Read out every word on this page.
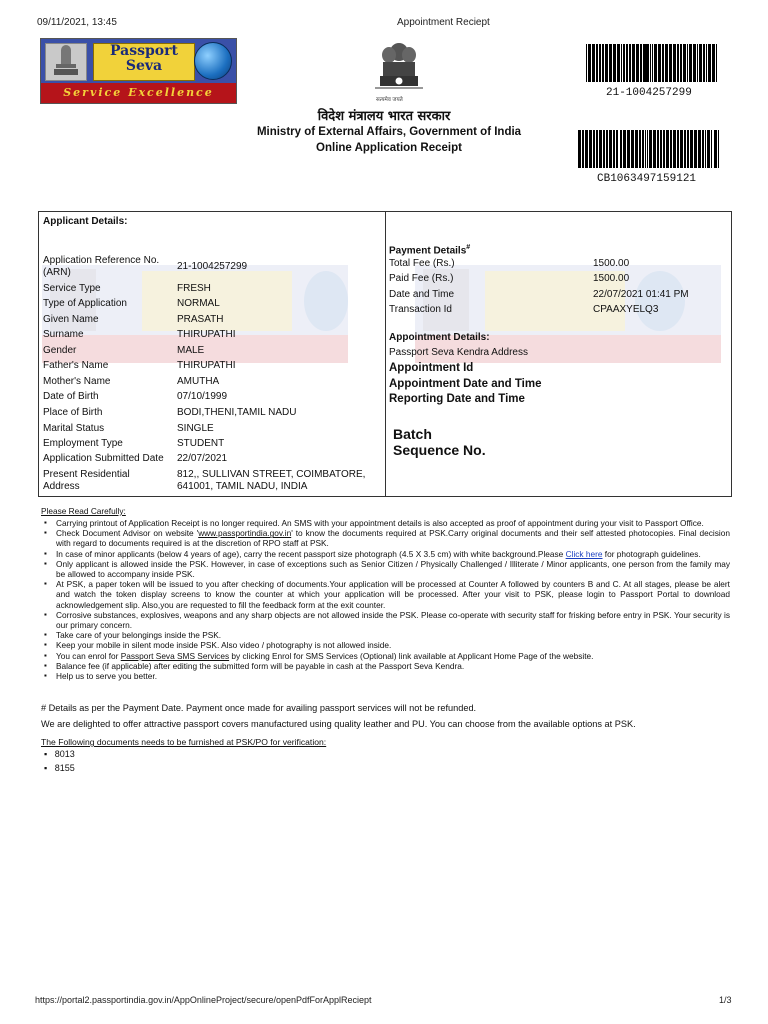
09/11/2021, 13:45	Appointment Reciept
Passport
Seva
Service Excellence
सत्यमेव जयते
विदेश मंत्रालय भारत सरकार
Ministry of External Affairs, Government of India
Online Application Receipt
21-1004257299
CB1063497159121
Applicant Details:
Application Reference No. (ARN)
21-1004257299
Service Type	FRESH
Type of Application	NORMAL
Given Name	PRASATH
Surname	THIRUPATHI
Gender	MALE
Father's Name	THIRUPATHI
Mother's Name	AMUTHA
Date of Birth	07/10/1999
Place of Birth	BODI,THENI,TAMIL NADU
Marital Status	SINGLE
Employment Type	STUDENT
Application Submitted Date 22/07/2021
Present Residential Address
812,, SULLIVAN STREET, COIMBATORE, 641001, TAMIL NADU, INDIA
Payment Details#
Total Fee (Rs.)	1500.00
Paid Fee (Rs.)	1500.00
Date and Time	22/07/2021 01:41 PM
Transaction Id	CPAAXYELQ3
Appointment Details:
Passport Seva Kendra Address
Appointment Id
Appointment Date and Time
Reporting Date and Time
Batch
Sequence No.
Please Read Carefully:
▪ Carrying printout of Application Receipt is no longer required. An SMS with your appointment details is also accepted as proof of appointment during your visit to Passport Office.
▪ Check Document Advisor on website 'www.passportindia.gov.in' to know the documents required at PSK.Carry original documents and their self attested photocopies. Final decision with regard to documents required is at the discretion of RPO staff at PSK.
▪ In case of minor applicants (below 4 years of age), carry the recent passport size photograph (4.5 X 3.5 cm) with white background.Please Click here for photograph guidelines.
▪ Only applicant is allowed inside the PSK. However, in case of exceptions such as Senior Citizen / Physically Challenged / Illiterate / Minor applicants, one person from the family may be allowed to accompany inside PSK.
▪ At PSK, a paper token will be issued to you after checking of documents.Your application will be processed at Counter A followed by counters B and C. At all stages, please be alert and watch the token display screens to know the counter at which your application will be processed. After your visit to PSK, please login to Passport Portal to download acknowledgement slip. Also,you are requested to fill the feedback form at the exit counter.
▪ Corrosive substances, explosives, weapons and any sharp objects are not allowed inside the PSK. Please co-operate with security staff for frisking before entry in PSK. Your security is our primary concern.
▪ Take care of your belongings inside the PSK.
▪ Keep your mobile in silent mode inside PSK. Also video / photography is not allowed inside.
▪ You can enrol for Passport Seva SMS Services by clicking Enrol for SMS Services (Optional) link available at Applicant Home Page of the website.
▪ Balance fee (if applicable) after editing the submitted form will be payable in cash at the Passport Seva Kendra.
▪ Help us to serve you better.
# Details as per the Payment Date. Payment once made for availing passport services will not be refunded.
We are delighted to offer attractive passport covers manufactured using quality leather and PU. You can choose from the available options at PSK.
The Following documents needs to be furnished at PSK/PO for verification:
▪   8013
▪   8155
https://portal2.passportindia.gov.in/AppOnlineProject/secure/openPdfForApplReciept	1/3
